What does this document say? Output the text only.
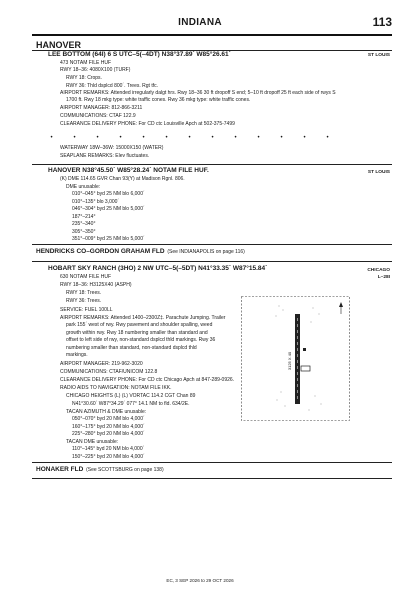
INDIANA	113
HANOVER
LEE BOTTOM (64I) 6 S UTC–5(–4DT) N38°37.89´ W85°26.61´	ST LOUIS
473 NOTAM FILE HUF
RWY 18–36: 4080X100 (TURF)
RWY 18: Crops.
RWY 36: Thld dsplcd 800´. Trees. Rgt tfc.
AIRPORT REMARKS: Attended irregularly dalgt hrs. Rwy 18–36 30 ft dropoff S end; 5–10 ft dropoff 25 ft each side of rwys S
1700 ft. Rwy 18 mkg type: white traffic cones. Rwy 36 mkg type: white traffic cones.
AIRPORT MANAGER: 812-866-3211
COMMUNICATIONS: CTAF 122.9
CLEARANCE DELIVERY PHONE: For CD ctc Louisville Apch at 502-375-7499
•	•	•	•	•	•	•	•	•	•	•	•	•
WATERWAY 18W–36W: 15000X150 (WATER)
SEAPLANE REMARKS: Elev fluctuates.
HANOVER N38°45.50´ W85°28.24´ NOTAM FILE HUF.	ST LOUIS
(K) DME 114.65 GVR Chan 93(Y) at Madison Rgnl. 806.
DME unusable:
010°–045° byd 25 NM blo 6,000´
010°–135° blo 3,000´
046°–304° byd 25 NM blo 5,000´
187°–214°
235°–340°
305°–350°
351°–009° byd 25 NM blo 5,000´
HENDRICKS CO–GORDON GRAHAM FLD (See INDIANAPOLIS on page 116)
HOBART SKY RANCH (3HO) 2 NW UTC–5(–5DT) N41°33.35´ W87°15.84´	CHICAGO
L–28I
630 NOTAM FILE HUF
RWY 18–36: H3125X40 (ASPH)
RWY 18: Trees.
RWY 36: Trees.
SERVICE: FUEL 100LL
AIRPORT REMARKS: Attended 1400–2300Z‡. Parachute Jumping. Trailer
park 155´ west of rwy. Rwy pavement and shoulder spalling, weed
growth within rwy. Rwy 18 numbering smaller than standard and
offset to left side of rwy, non-standard dsplcd thld markings. Rwy 36
numbering smaller than standard, non-standard dsplcd thld
markings.
AIRPORT MANAGER: 219-962-3020
COMMUNICATIONS: CTAF/UNICOM 122.8
CLEARANCE DELIVERY PHONE: For CD ctc Chicago Apch at 847-289-0926.
RADIO AIDS TO NAVIGATION: NOTAM FILE IKK.
CHICAGO HEIGHTS (L) (L) VORTAC 114.2 CGT Chan 89
N41°30.60´ W87°34.29´ 077° 14.1 NM to fld. 634/2E.
TACAN AZIMUTH & DME unusable:
050°–070° byd 20 NM blo 4,000´
160°–175° byd 20 NM blo 4,000´
225°–280° byd 20 NM blo 4,000´
TACAN DME unusable:
110°–145° byd 20 NM blo 4,000´
150°–225° byd 20 NM blo 4,000´
3125 X 40
HONAKER FLD (See SCOTTSBURG on page 138)
EC, 3 SEP 2026 to 29 OCT 2026
